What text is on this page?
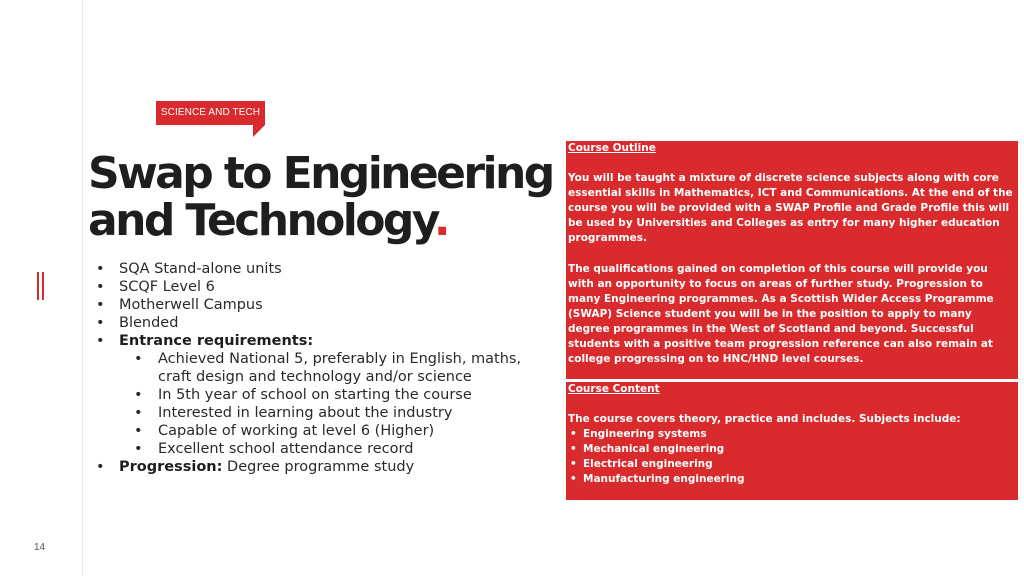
SCIENCE AND TECH
Swap to Engineering
and Technology.
• SQA Stand-alone units
• SCQF Level 6
• Motherwell Campus
• Blended
• Entrance requirements:
• Achieved National 5, preferably in English, maths, craft design and technology and/or science
• In 5th year of school on starting the course
• Interested in learning about the industry
• Capable of working at level 6 (Higher)
• Excellent school attendance record
• Progression: Degree programme study
Course Outline
You will be taught a mixture of discrete science subjects along with core essential skills in Mathematics, ICT and Communications. At the end of the course you will be provided with a SWAP Profile and Grade Profile this will be used by Universities and Colleges as entry for many higher education programmes.
The qualifications gained on completion of this course will provide you with an opportunity to focus on areas of further study. Progression to many Engineering programmes. As a Scottish Wider Access Programme (SWAP) Science student you will be in the position to apply to many degree programmes in the West of Scotland and beyond. Successful students with a positive team progression reference can also remain at college progressing on to HNC/HND level courses.
Course Content
The course covers theory, practice and includes. Subjects include:
• Engineering systems
• Mechanical engineering
• Electrical engineering
• Manufacturing engineering
14
